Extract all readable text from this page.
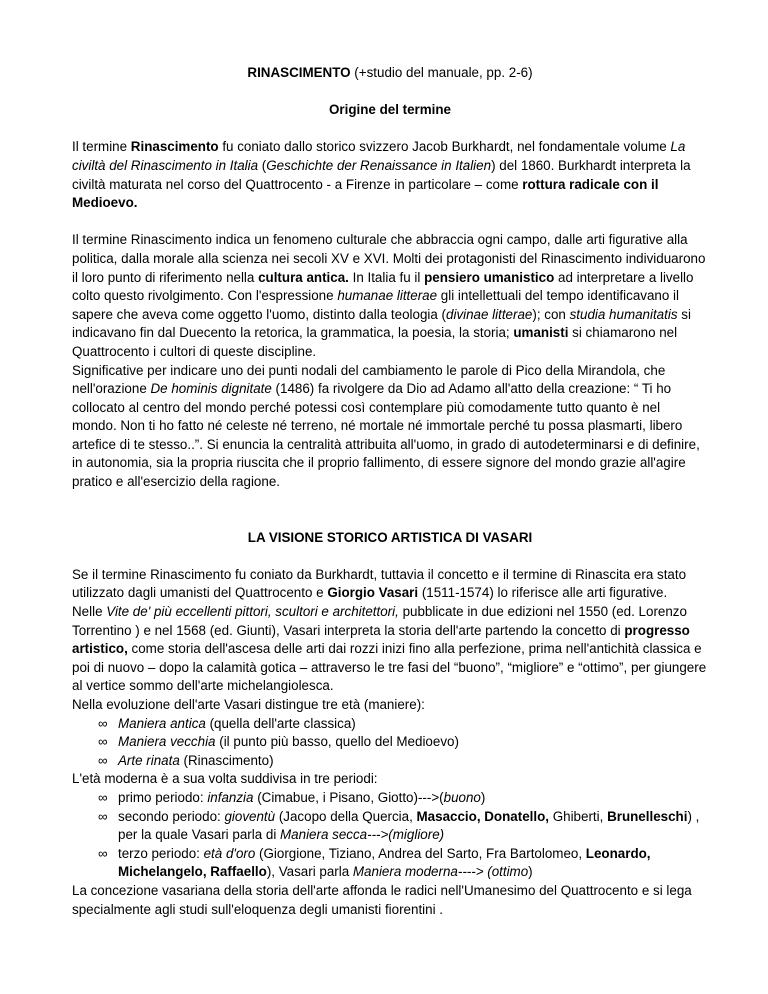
RINASCIMENTO (+studio del manuale, pp. 2-6)

Origine del termine

Il termine Rinascimento fu coniato dallo storico svizzero Jacob Burkhardt, nel fondamentale volume La civiltà del Rinascimento in Italia (Geschichte der Renaissance in Italien) del 1860. Burkhardt interpreta la civiltà maturata nel corso del Quattrocento - a Firenze in particolare – come rottura radicale con il Medioevo.

Il termine Rinascimento indica un fenomeno culturale che abbraccia ogni campo, dalle arti figurative alla politica, dalla morale alla scienza nei secoli XV e XVI. Molti dei protagonisti del Rinascimento individuarono il loro punto di riferimento nella cultura antica. In Italia fu il pensiero umanistico ad interpretare a livello colto questo rivolgimento. Con l'espressione humanae litterae gli intellettuali del tempo identificavano il sapere che aveva come oggetto l'uomo, distinto dalla teologia (divinae litterae); con studia humanitatis si indicavano fin dal Duecento la retorica, la grammatica, la poesia, la storia; umanisti si chiamarono nel Quattrocento i cultori di queste discipline.

Significative per indicare uno dei punti nodali del cambiamento le parole di Pico della Mirandola, che nell'orazione De hominis dignitate (1486) fa rivolgere da Dio ad Adamo all'atto della creazione: “ Ti ho collocato al centro del mondo perché potessi così contemplare più comodamente tutto quanto è nel mondo. Non ti ho fatto né celeste né terreno, né mortale né immortale perché tu possa plasmarti, libero artefice di te stesso..”. Si enuncia la centralità attribuita all'uomo, in grado di autodeterminarsi e di definire, in autonomia, sia la propria riuscita che il proprio fallimento, di essere signore del mondo grazie all'agire pratico e all'esercizio della ragione.

LA VISIONE STORICO ARTISTICA DI VASARI

Se il termine Rinascimento fu coniato da Burkhardt, tuttavia il concetto e il termine di Rinascita era stato utilizzato dagli umanisti del Quattrocento e Giorgio Vasari (1511-1574) lo riferisce alle arti figurative.

Nelle Vite de' più eccellenti pittori, scultori e architettori, pubblicate in due edizioni nel 1550 (ed. Lorenzo Torrentino ) e nel 1568 (ed. Giunti), Vasari interpreta la storia dell'arte partendo la concetto di progresso artistico, come storia dell'ascesa delle arti dai rozzi inizi fino alla perfezione, prima nell'antichità classica e poi di nuovo – dopo la calamità gotica – attraverso le tre fasi del “buono”, “migliore” e “ottimo”, per giungere al vertice sommo dell'arte michelangiolesca.

Nella evoluzione dell'arte Vasari distingue tre età (maniere):

∞ Maniera antica (quella dell'arte classica)
∞ Maniera vecchia (il punto più basso, quello del Medioevo)
∞ Arte rinata (Rinascimento)

L'età moderna è a sua volta suddivisa in tre periodi:

∞ primo periodo: infanzia (Cimabue, i Pisano, Giotto)--->(buono)
∞ secondo periodo: gioventù (Jacopo della Quercia, Masaccio, Donatello, Ghiberti, Brunelleschi) , per la quale Vasari parla di Maniera secca--->(migliore)
∞ terzo periodo: età d'oro (Giorgione, Tiziano, Andrea del Sarto, Fra Bartolomeo, Leonardo, Michelangelo, Raffaello), Vasari parla Maniera moderna----> (ottimo)

La concezione vasariana della storia dell'arte affonda le radici nell'Umanesimo del Quattrocento e si lega specialmente agli studi sull'eloquenza degli umanisti fiorentini .
